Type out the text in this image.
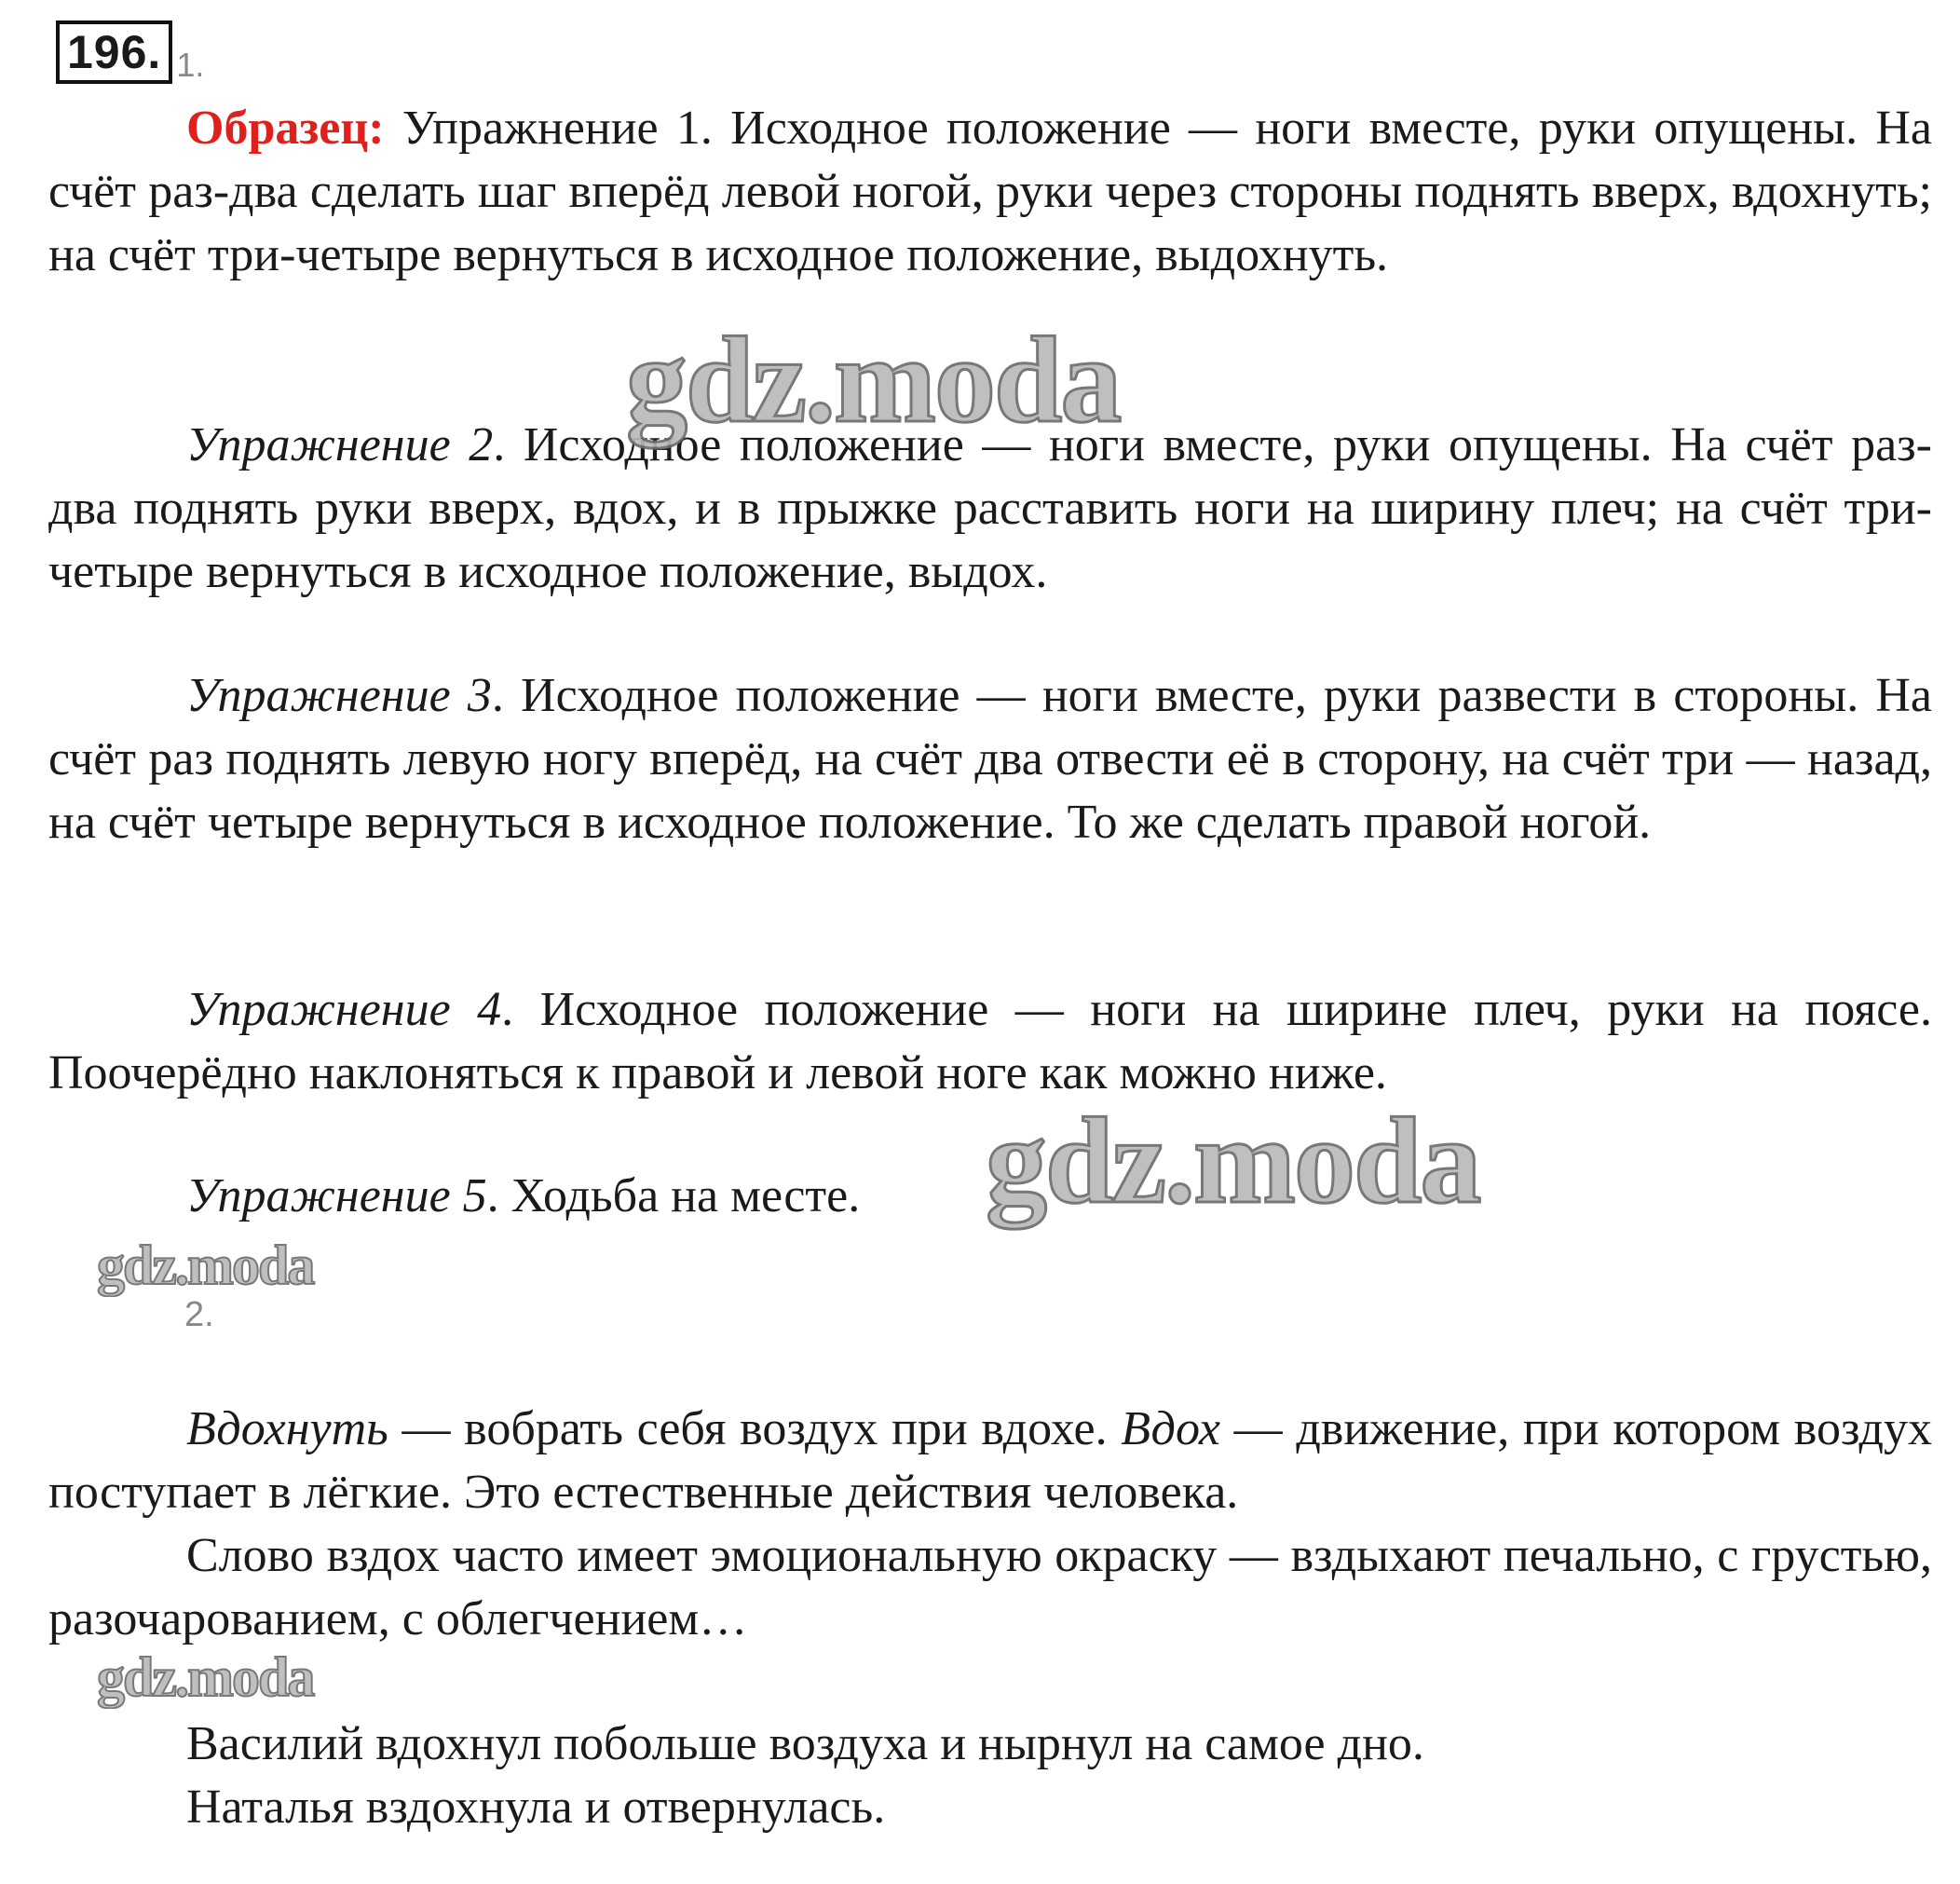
196. 1.

Образец: Упражнение 1. Исходное положение — ноги вместе, руки опущены. На счёт раз-два сделать шаг вперёд левой ногой, руки через стороны поднять вверх, вдохнуть; на счёт три-четыре вернуться в исходное положение, выдохнуть.

Упражнение 2. Исходное положение — ноги вместе, руки опущены. На счёт раз-два поднять руки вверх, вдох, и в прыжке расставить ноги на ширину плеч; на счёт три-четыре вернуться в исходное положение, выдох.

Упражнение 3. Исходное положение — ноги вместе, руки развести в стороны. На счёт раз поднять левую ногу вперёд, на счёт два отвести её в сторону, на счёт три — назад, на счёт четыре вернуться в исходное положение. То же сделать правой ногой.

Упражнение 4. Исходное положение — ноги на ширине плеч, руки на поясе. Поочерёдно наклоняться к правой и левой ноге как можно ниже.

Упражнение 5. Ходьба на месте.

2.

Вдохнуть — вобрать себя воздух при вдохе. Вдох — движение, при котором воздух поступает в лёгкие. Это естественные действия человека.

Слово вздох часто имеет эмоциональную окраску — вздыхают печально, с грустью, разочарованием, с облегчением…

Василий вдохнул побольше воздуха и нырнул на самое дно.

Наталья вздохнула и отвернулась.

gdz.moda
gdz.moda
gdz.moda
gdz.moda
